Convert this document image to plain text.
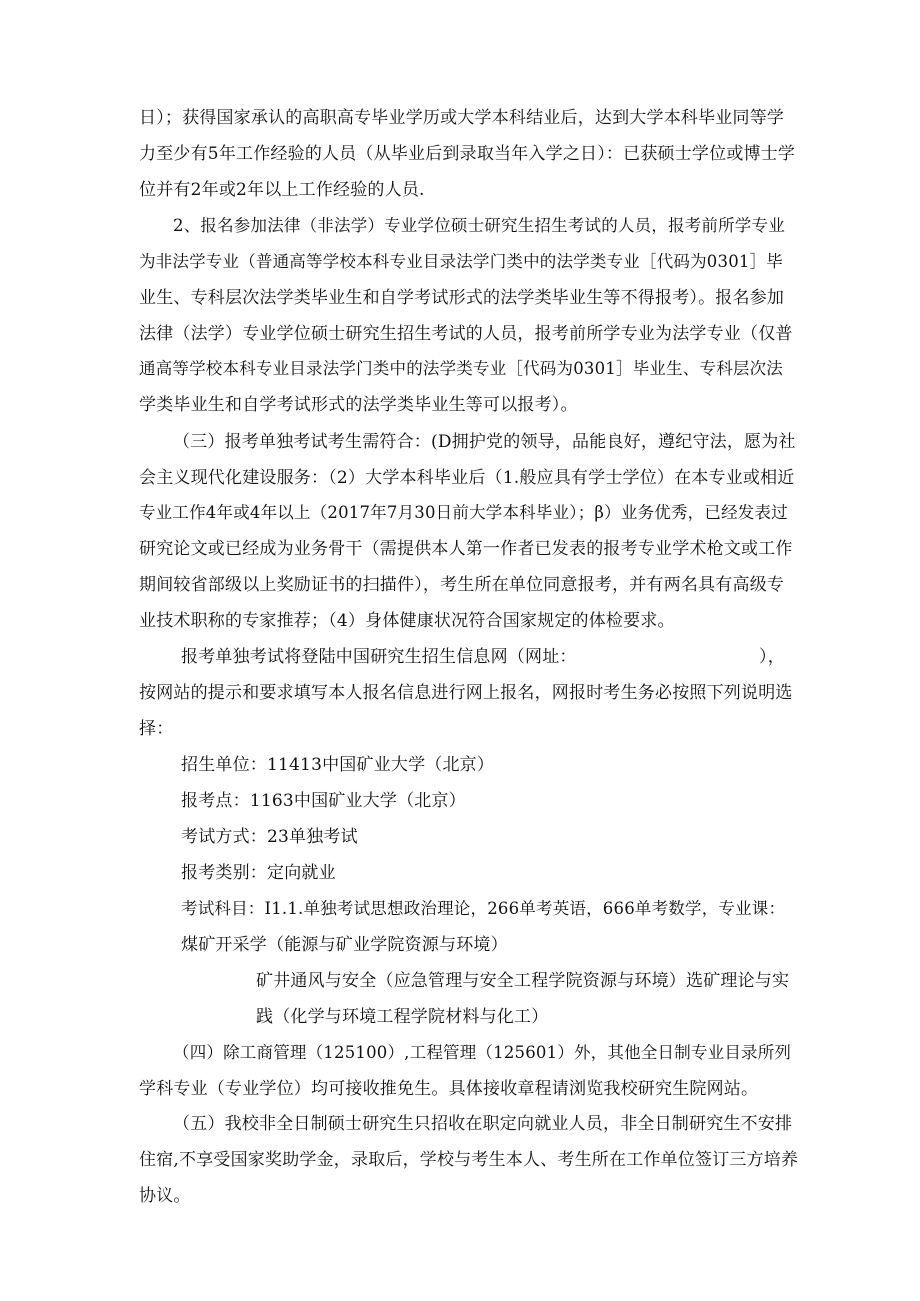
日）；获得国家承认的高职高专毕业学历或大学本科结业后，达到大学本科毕业同等学
力至少有5年工作经验的人员（从毕业后到录取当年入学之日）：已获硕士学位或博士学
位并有2年或2年以上工作经验的人员.
2、报名参加法律（非法学）专业学位硕士研究生招生考试的人员，报考前所学专业
为非法学专业（普通高等学校本科专业目录法学门类中的法学类专业［代码为0301］毕
业生、专科层次法学类毕业生和自学考试形式的法学类毕业生等不得报考）。报名参加
法律（法学）专业学位硕士研究生招生考试的人员，报考前所学专业为法学专业（仅普
通高等学校本科专业目录法学门类中的法学类专业［代码为0301］毕业生、专科层次法
学类毕业生和自学考试形式的法学类毕业生等可以报考）。
（三）报考单独考试考生需符合：(D拥护党的领导，品能良好，遵纪守法，愿为社
会主义现代化建设服务：（2）大学本科毕业后（1.般应具有学士学位）在本专业或相近
专业工作4年或4年以上（2017年7月30日前大学本科毕业）；β）业务优秀，已经发表过
研究论文或已经成为业务骨干（需提供本人第一作者已发表的报考专业学术枪文或工作
期间较省部级以上奖励证书的扫描件），考生所在单位同意报考，并有两名具有高级专
业技术职称的专家推荐；（4）身体健康状况符合国家规定的体检要求。
报考单独考试将登陆中国研究生招生信息网（网址：	），
按网站的提示和要求填写本人报名信息进行网上报名，网报时考生务必按照下列说明选
择：
招生单位：11413中国矿业大学（北京）
报考点：1163中国矿业大学（北京）
考试方式：23单独考试
报考类别：定向就业
考试科目：I1.1.单独考试思想政治理论，266单考英语，666单考数学，专业课：
煤矿开采学（能源与矿业学院资源与环境）
矿井通风与安全（应急管理与安全工程学院资源与环境）选矿理论与实
践（化学与环境工程学院材料与化工）
（四）除工商管理（125100）,工程管理（125601）外，其他全日制专业目录所列
学科专业（专业学位）均可接收推免生。具体接收章程请浏览我校研究生院网站。
（五）我校非全日制硕士研究生只招收在职定向就业人员，非全日制研究生不安排
住宿,不享受国家奖助学金，录取后，学校与考生本人、考生所在工作单位签订三方培养
协议。
